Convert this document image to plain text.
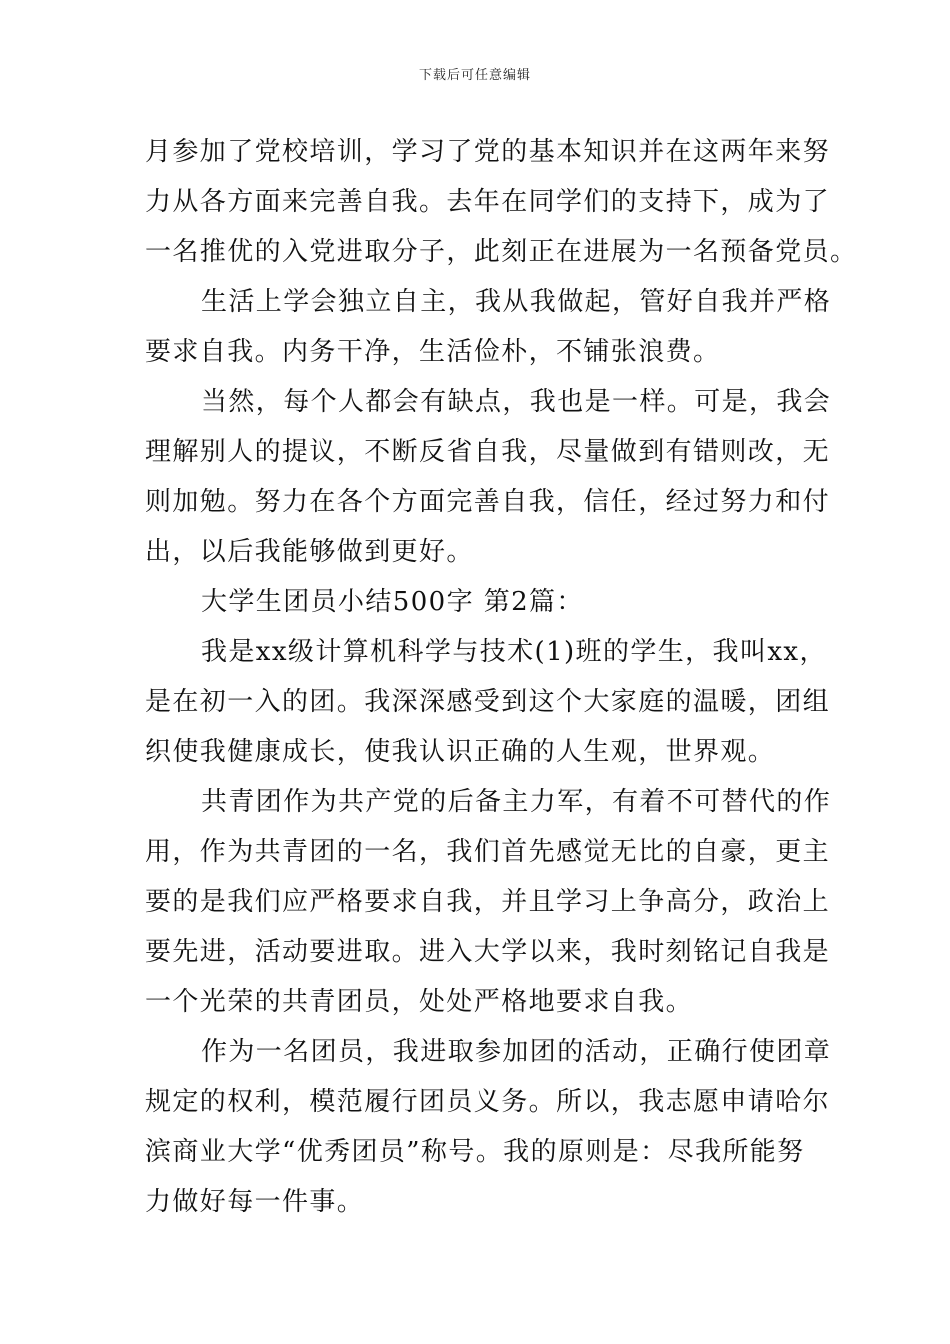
下载后可任意编辑
月参加了党校培训，学习了党的基本知识并在这两年来努
力从各方面来完善自我。去年在同学们的支持下，成为了
一名推优的入党进取分子，此刻正在进展为一名预备党员。
生活上学会独立自主，我从我做起，管好自我并严格
要求自我。内务干净，生活俭朴，不铺张浪费。
当然，每个人都会有缺点，我也是一样。可是，我会
理解别人的提议，不断反省自我，尽量做到有错则改，无
则加勉。努力在各个方面完善自我，信任，经过努力和付
出，以后我能够做到更好。
大学生团员小结500字 第2篇：
我是xx级计算机科学与技术(1)班的学生，我叫xx，
是在初一入的团。我深深感受到这个大家庭的温暖，团组
织使我健康成长，使我认识正确的人生观，世界观。
共青团作为共产党的后备主力军，有着不可替代的作
用，作为共青团的一名，我们首先感觉无比的自豪，更主
要的是我们应严格要求自我，并且学习上争高分，政治上
要先进，活动要进取。进入大学以来，我时刻铭记自我是
一个光荣的共青团员，处处严格地要求自我。
作为一名团员，我进取参加团的活动，正确行使团章
规定的权利，模范履行团员义务。所以，我志愿申请哈尔
滨商业大学“优秀团员”称号。我的原则是：尽我所能努
力做好每一件事。
